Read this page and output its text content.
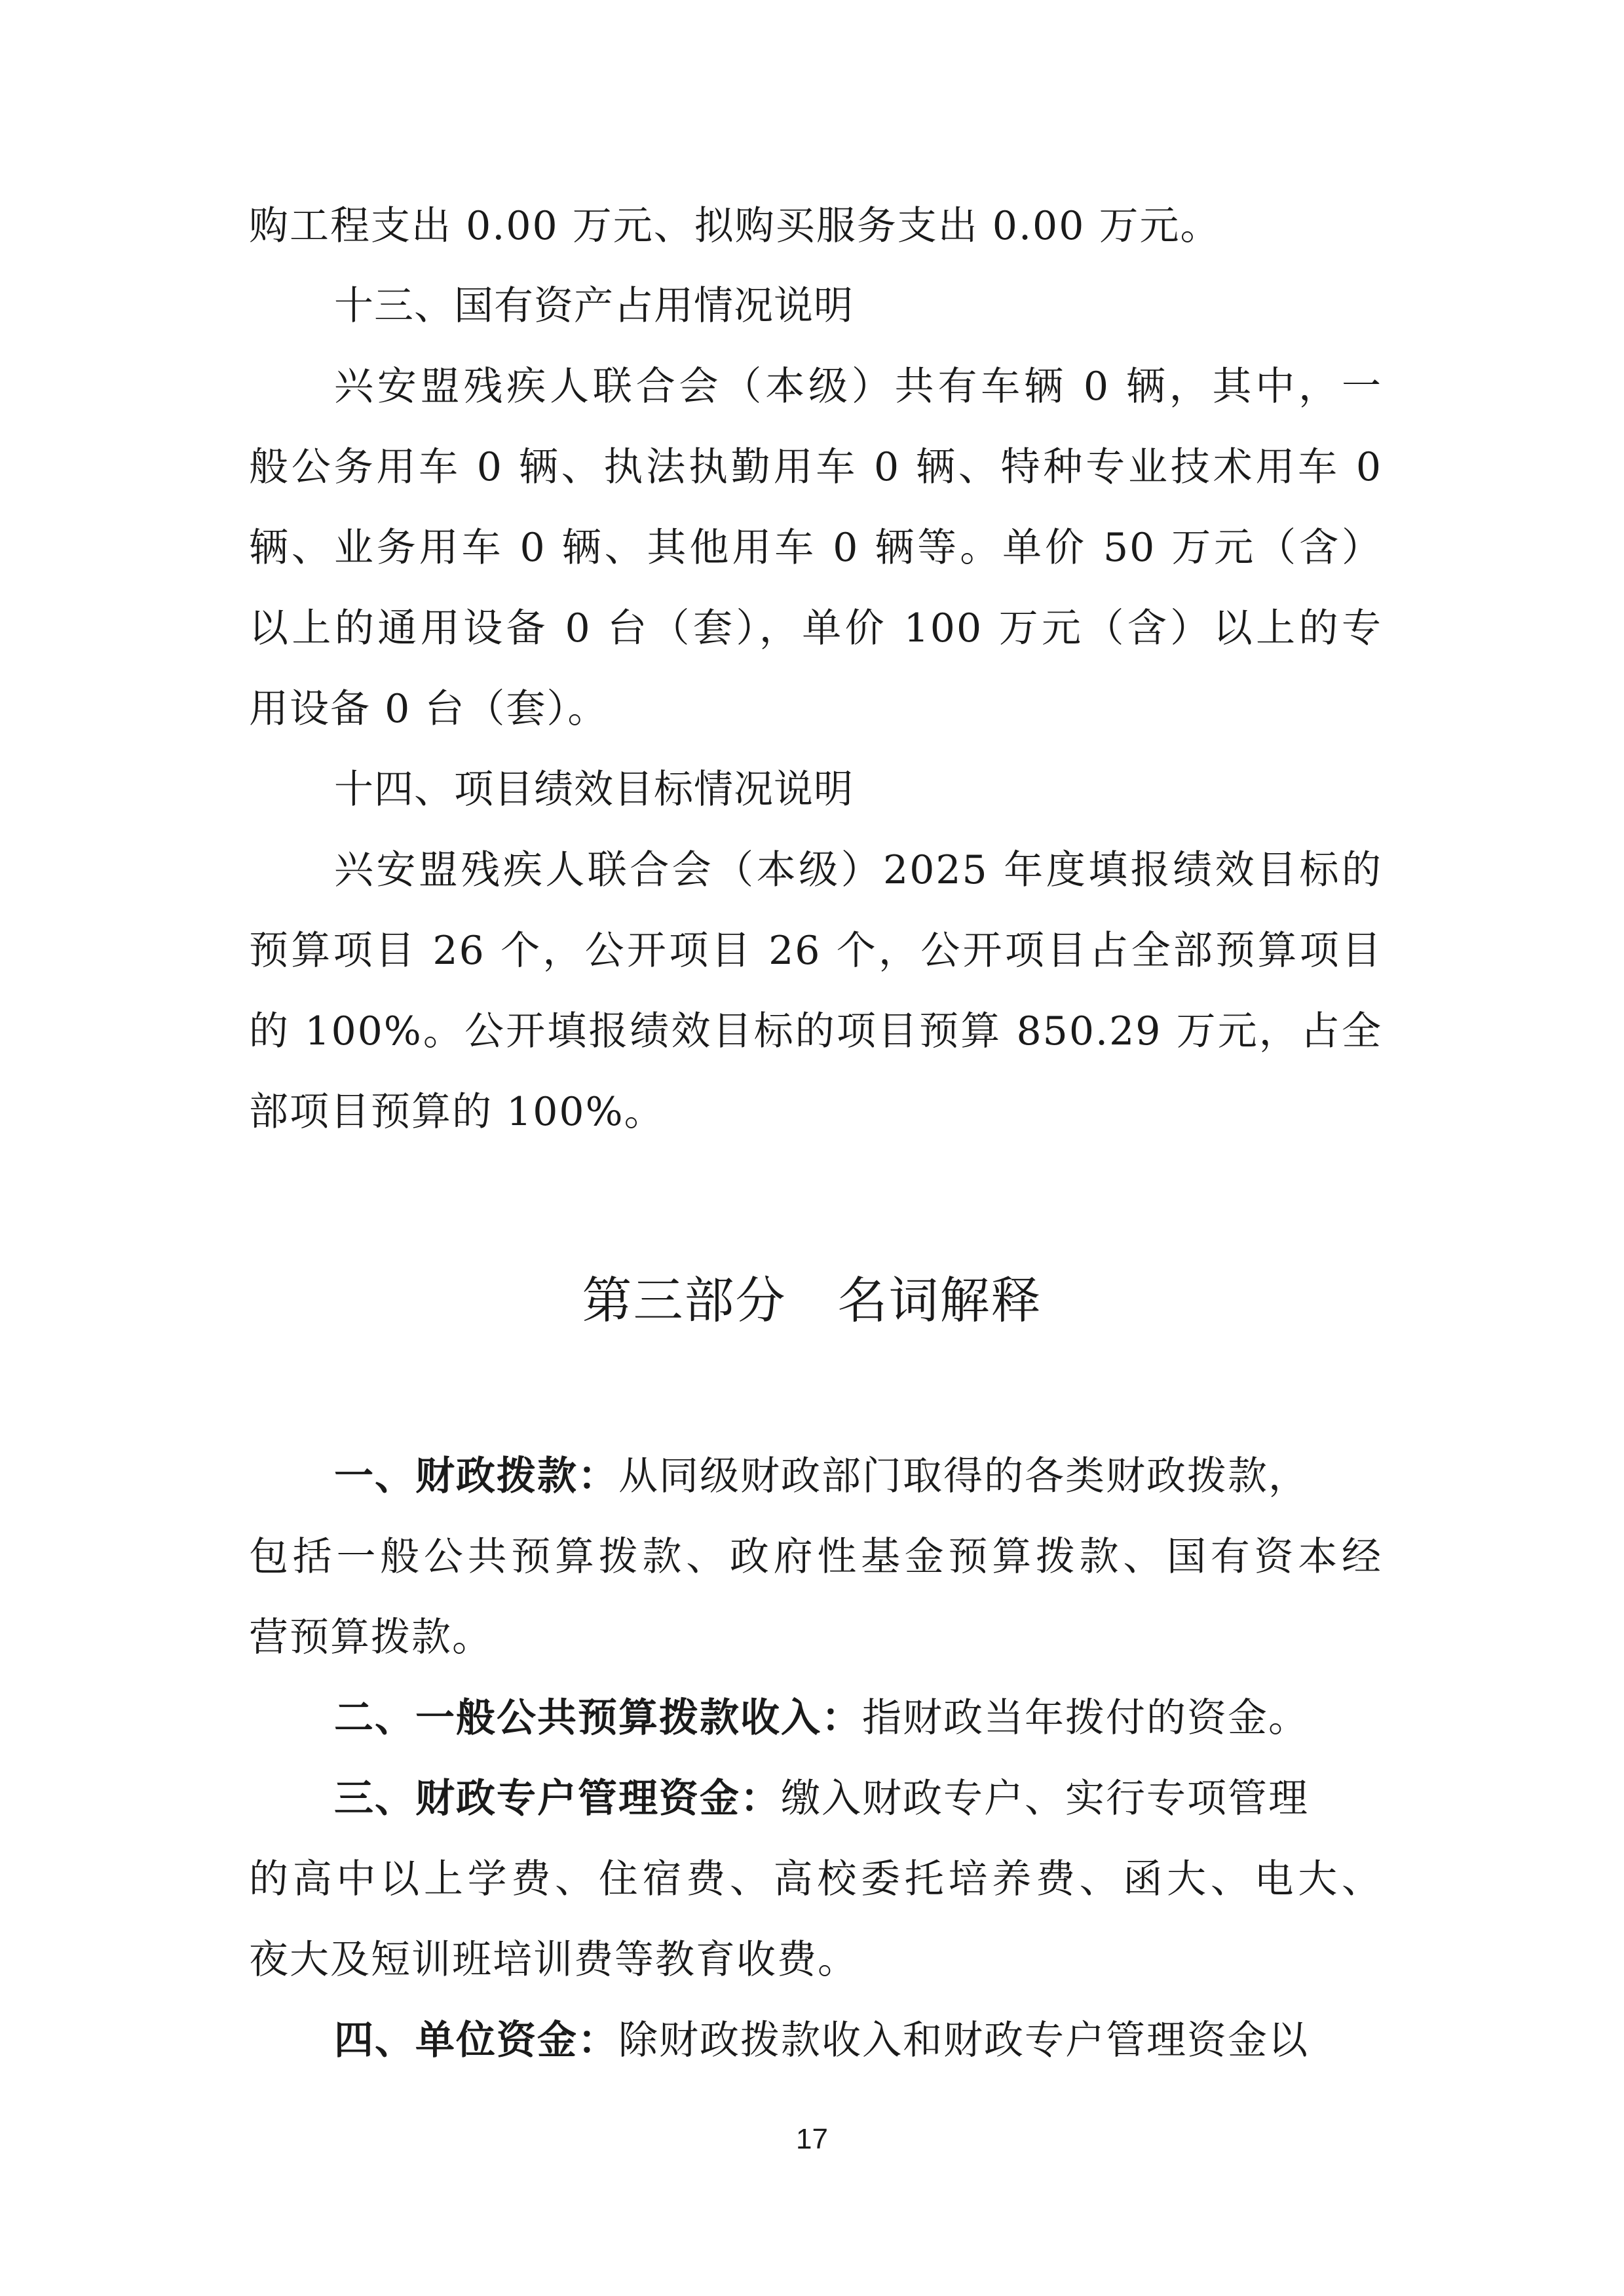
购工程支出 0.00 万元、拟购买服务支出 0.00 万元。
十三、国有资产占用情况说明
兴安盟残疾人联合会（本级）共有车辆 0 辆，其中，一
般公务用车 0 辆、执法执勤用车 0 辆、特种专业技术用车 0
辆、业务用车 0 辆、其他用车 0 辆等。单价 50 万元（含）
以上的通用设备 0 台（套），单价 100 万元（含）以上的专
用设备 0 台（套）。
十四、项目绩效目标情况说明
兴安盟残疾人联合会（本级）2025 年度填报绩效目标的
预算项目 26 个，公开项目 26 个，公开项目占全部预算项目
的 100%。公开填报绩效目标的项目预算 850.29 万元，占全
部项目预算的 100%。
第三部分　名词解释
一、财政拨款：从同级财政部门取得的各类财政拨款，
包括一般公共预算拨款、政府性基金预算拨款、国有资本经
营预算拨款。
二、一般公共预算拨款收入：指财政当年拨付的资金。
三、财政专户管理资金：缴入财政专户、实行专项管理
的高中以上学费、住宿费、高校委托培养费、函大、电大、
夜大及短训班培训费等教育收费。
四、单位资金：除财政拨款收入和财政专户管理资金以
17
